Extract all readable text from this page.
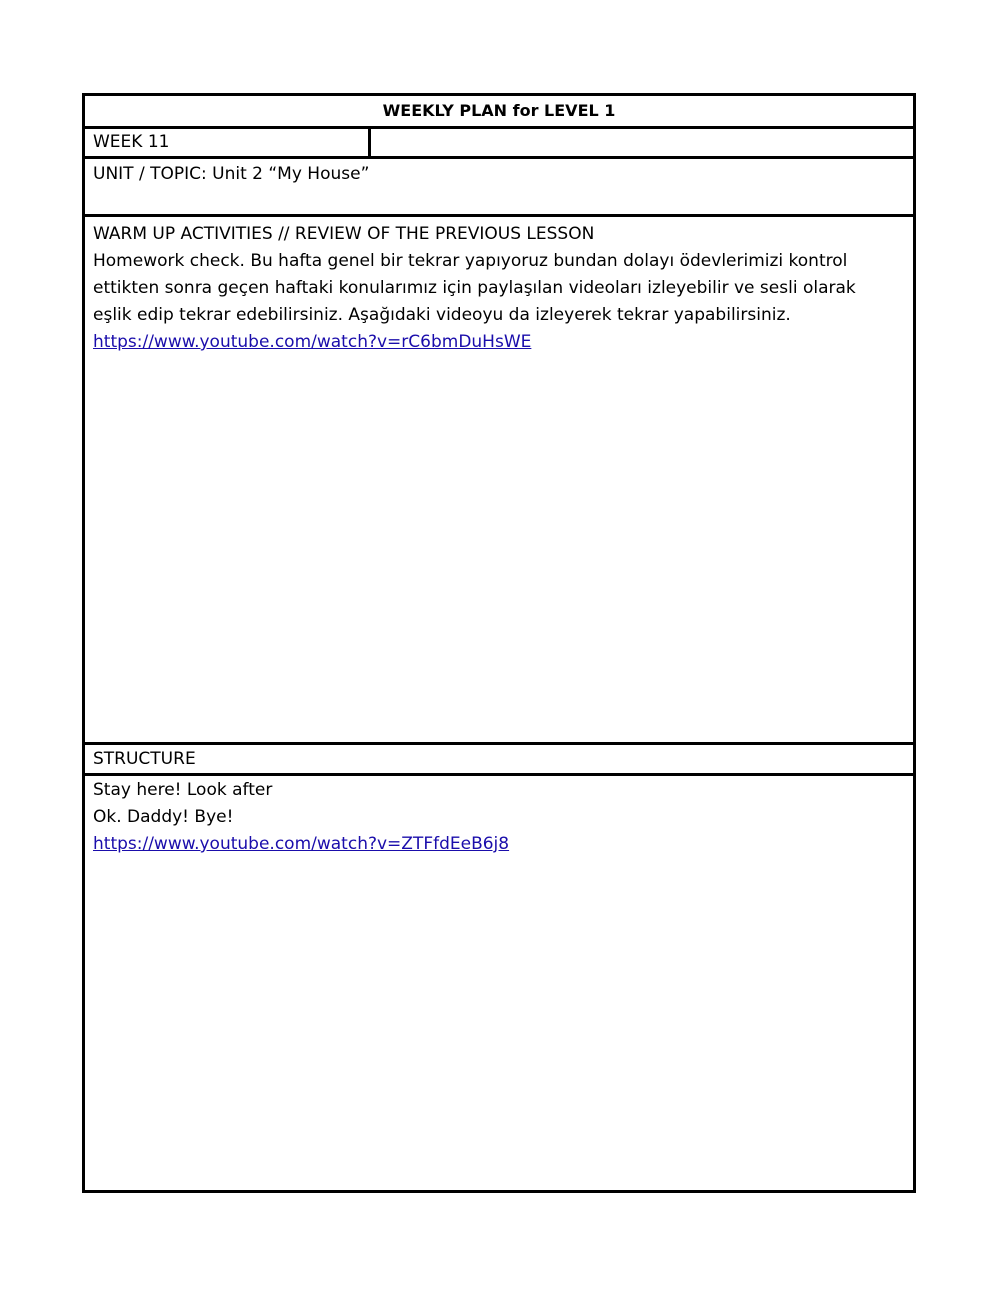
WEEKLY PLAN for LEVEL 1
WEEK 11
UNIT / TOPIC: Unit 2 “My House”
WARM UP ACTIVITIES // REVIEW OF THE PREVIOUS LESSON
Homework check. Bu hafta genel bir tekrar yapıyoruz bundan dolayı ödevlerimizi kontrol
ettikten sonra geçen haftaki konularımız için paylaşılan videoları izleyebilir ve sesli olarak
eşlik edip tekrar edebilirsiniz. Aşağıdaki videoyu da izleyerek tekrar yapabilirsiniz.
https://www.youtube.com/watch?v=rC6bmDuHsWE
STRUCTURE
Stay here! Look after
Ok. Daddy! Bye!
https://www.youtube.com/watch?v=ZTFfdEeB6j8
